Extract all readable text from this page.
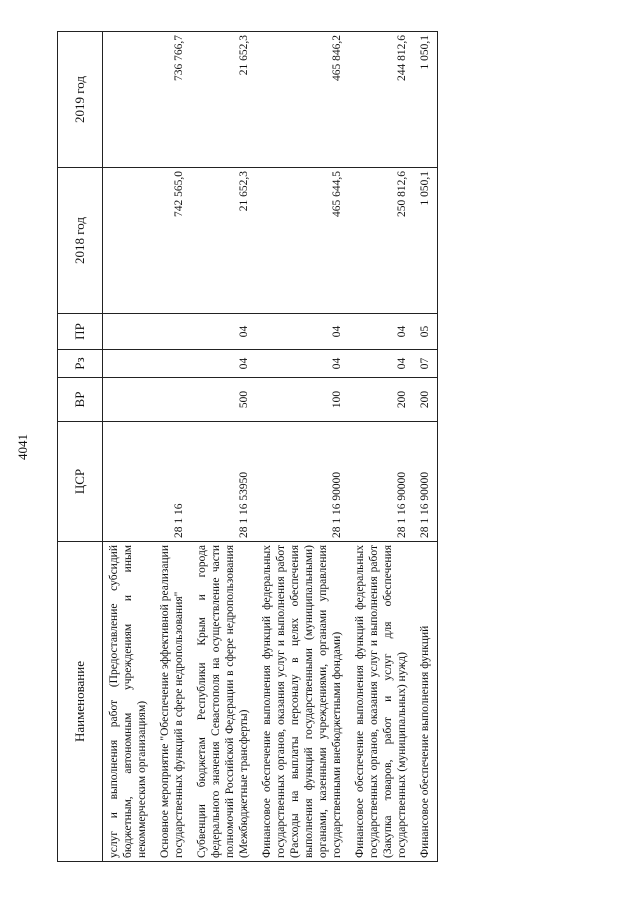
4041
Наименование	ЦСР	ВР	Рз	ПР	2018 год	2019 год
услуг и выполнения работ (Предоставление субсидий бюджетным, автономным учреждениям и иным некоммерческим организациям)						
Основное мероприятие "Обеспечение эффективной реализации государственных функций в сфере недропользования"	28 1 16				742 565,0	736 766,7
Субвенции бюджетам Республики Крым и города федерального значения Севастополя на осуществление части полномочий Российской Федерации в сфере недропользования (Межбюджетные трансферты)	28 1 16 53950	500	04	04	21 652,3	21 652,3
Финансовое обеспечение выполнения функций федеральных государственных органов, оказания услуг и выполнения работ (Расходы на выплаты персоналу в целях обеспечения выполнения функций государственными (муниципальными) органами, казенными учреждениями, органами управления государственными внебюджетными фондами)	28 1 16 90000	100	04	04	465 644,5	465 846,2
Финансовое обеспечение выполнения функций федеральных государственных органов, оказания услуг и выполнения работ (Закупка товаров, работ и услуг для обеспечения государственных (муниципальных) нужд)	28 1 16 90000	200	04	04	250 812,6	244 812,6
Финансовое обеспечение выполнения функций	28 1 16 90000	200	07	05	1 050,1	1 050,1
